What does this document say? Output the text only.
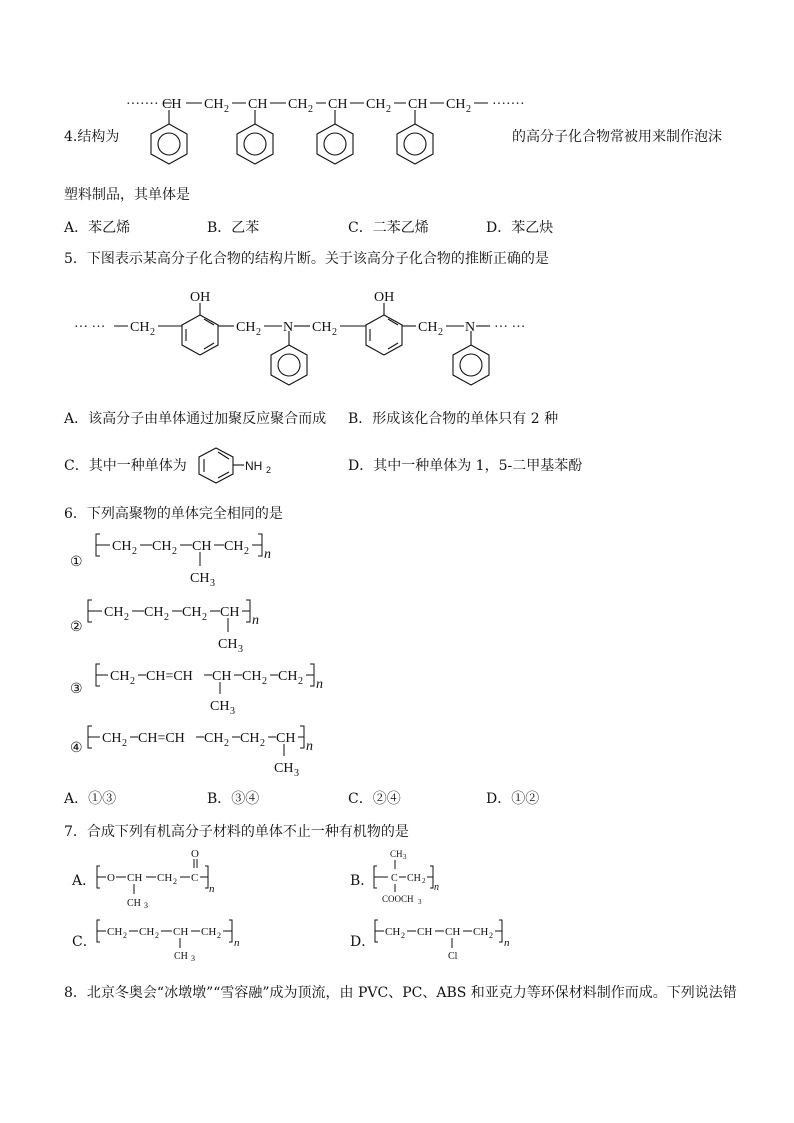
······· CH CH 2 CH CH 2 CH CH 2 CH CH 2 ·······
4.结构为	的高分子化合物常被用来制作泡沫
塑料制品，其单体是
A．苯乙烯	B．乙苯	C．二苯乙烯	D．苯乙炔
5．下图表示某高分子化合物的结构片断。关于该高分子化合物的推断正确的是
··· ··· CH 2
OH
CH 2 N CH 2
OH
CH 2 N ··· ···
A．该高分子由单体通过加聚反应聚合而成 B．形成该化合物的单体只有 2 种
C．其中一种单体为	NH 2	D．其中一种单体为 1，5-二甲基苯酚
6．下列高聚物的单体完全相同的是
①
CH 2 CH 2 CH CH 2 n
CH 3
②
CH 2 CH 2 CH 2 CH
n
CH 3
③
CH 2 CH=CH CH CH 2 CH 2 n
CH 3
④
CH 2 CH=CH CH 2 CH 2 CH
n
CH 3
A．①③	B．③④	C．②④	D．①②
7．合成下列有机高分子材料的单体不止一种有机物的是
A． O CH CH 2 C
O
n
CH 3
B．
CH 3
C CH 2
n
COOCH 3
C．
CH 2 CH 2 CH CH 2
n
CH 3
D．
CH 2 CH CH CH 2
n
Cl
8．北京冬奥会“冰墩墩”“雪容融”成为顶流，由 PVC、PC、ABS 和亚克力等环保材料制作而成。下列说法错
